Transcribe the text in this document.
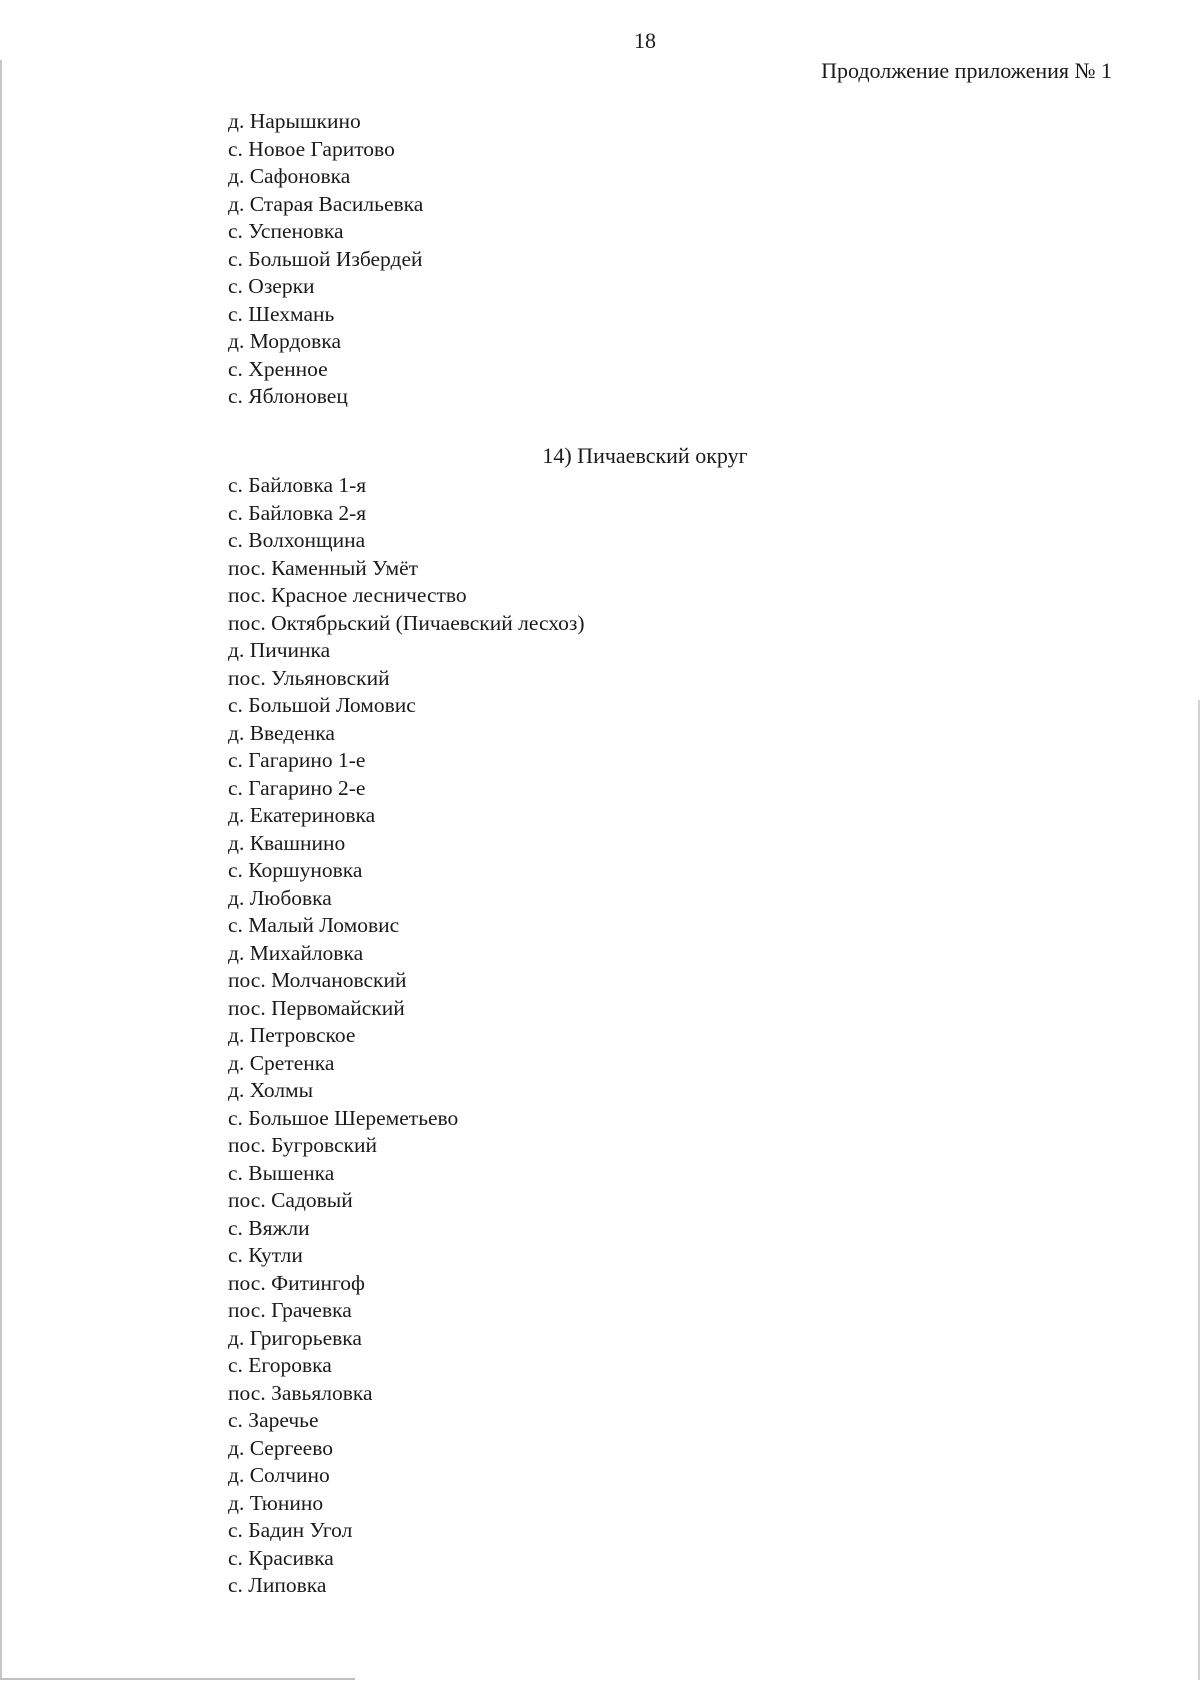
18
Продолжение приложения № 1
д. Нарышкино
с. Новое Гаритово
д. Сафоновка
д. Старая Васильевка
с. Успеновка
с. Большой Избердей
с. Озерки
с. Шехмань
д. Мордовка
с. Хренное
с. Яблоновец
14) Пичаевский округ
с. Байловка 1-я
с. Байловка 2-я
с. Волхонщина
пос. Каменный Умёт
пос. Красное лесничество
пос. Октябрьский (Пичаевский лесхоз)
д. Пичинка
пос. Ульяновский
с. Большой Ломовис
д. Введенка
с. Гагарино 1-е
с. Гагарино 2-е
д. Екатериновка
д. Квашнино
с. Коршуновка
д. Любовка
с. Малый Ломовис
д. Михайловка
пос. Молчановский
пос. Первомайский
д. Петровское
д. Сретенка
д. Холмы
с. Большое Шереметьево
пос. Бугровский
с. Вышенка
пос. Садовый
с. Вяжли
с. Кутли
пос. Фитингоф
пос. Грачевка
д. Григорьевка
с. Егоровка
пос. Завьяловка
с. Заречье
д. Сергеево
д. Солчино
д. Тюнино
с. Бадин Угол
с. Красивка
с. Липовка
